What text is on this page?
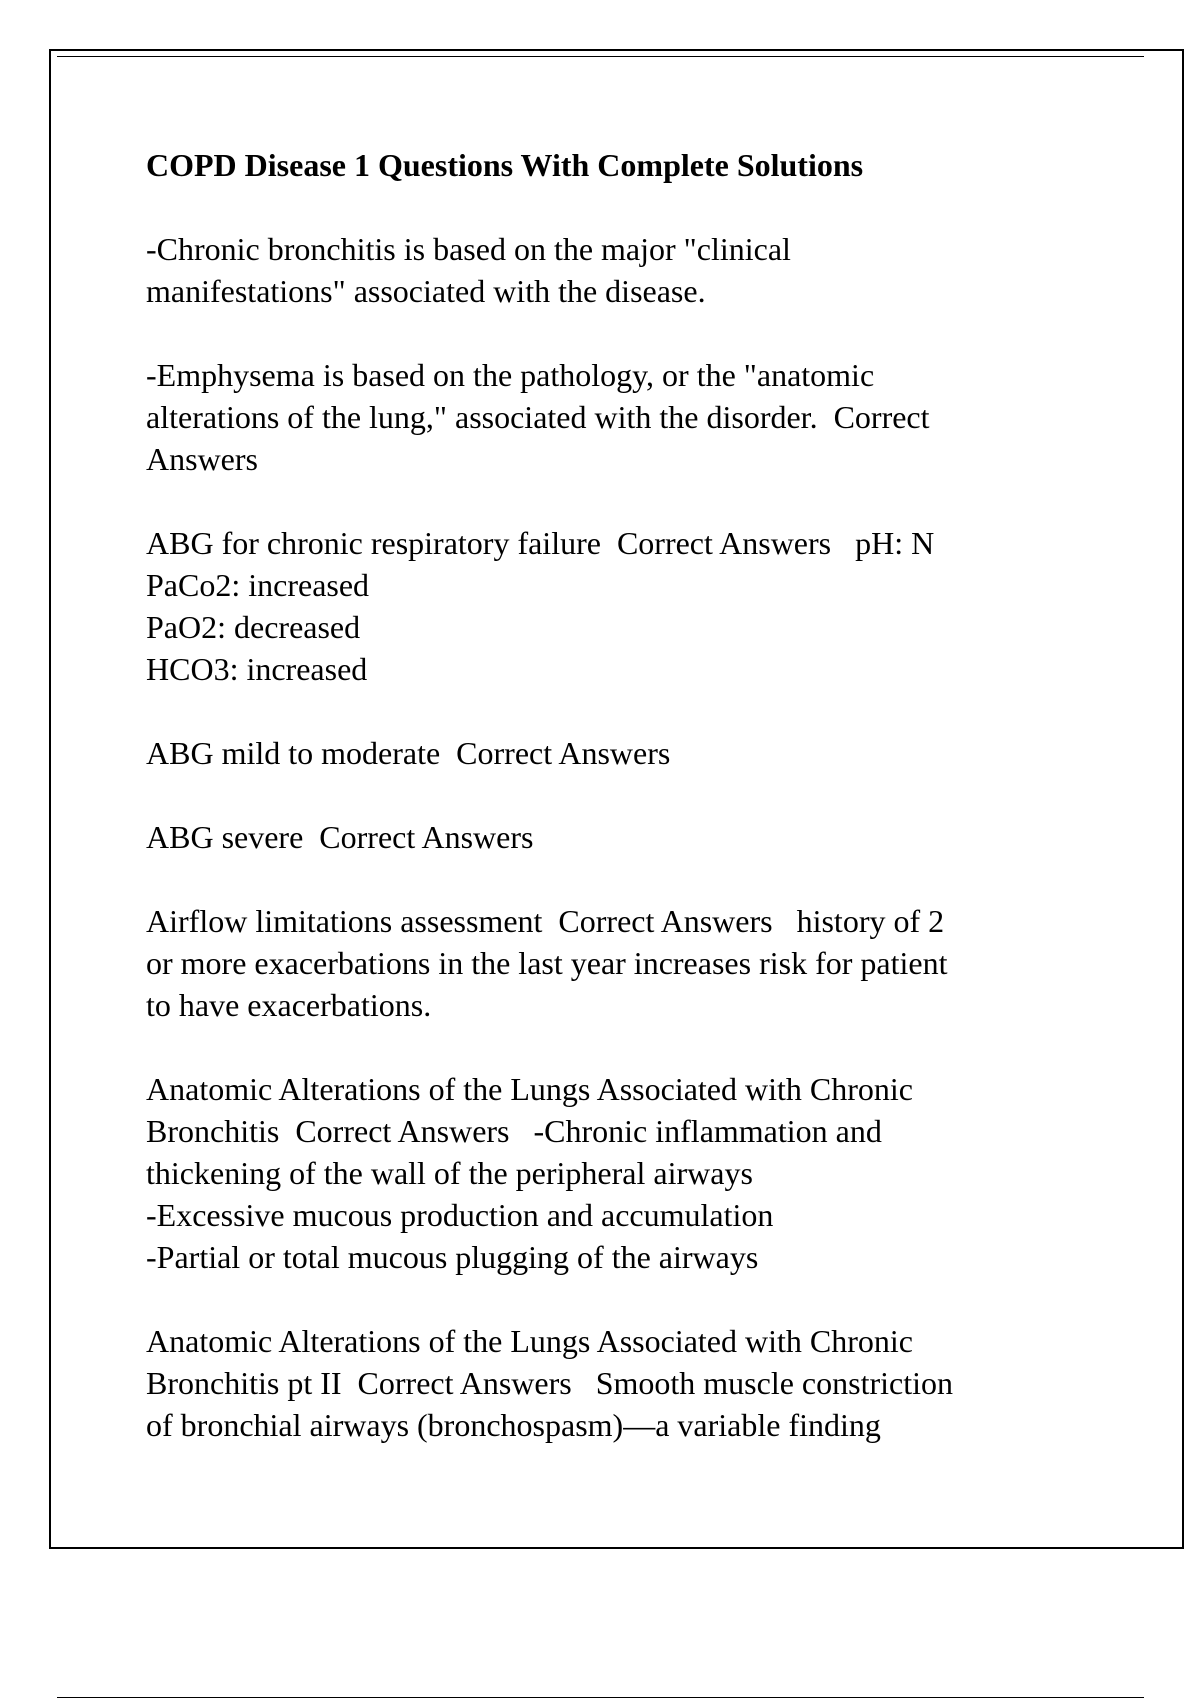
COPD Disease 1 Questions With Complete Solutions
-Chronic bronchitis is based on the major "clinical
manifestations" associated with the disease.
-Emphysema is based on the pathology, or the "anatomic
alterations of the lung," associated with the disorder.  Correct
Answers
ABG for chronic respiratory failure  Correct Answers   pH: N
PaCo2: increased
PaO2: decreased
HCO3: increased
ABG mild to moderate  Correct Answers
ABG severe  Correct Answers
Airflow limitations assessment  Correct Answers   history of 2
or more exacerbations in the last year increases risk for patient
to have exacerbations.
Anatomic Alterations of the Lungs Associated with Chronic
Bronchitis  Correct Answers   -Chronic inflammation and
thickening of the wall of the peripheral airways
-Excessive mucous production and accumulation
-Partial or total mucous plugging of the airways
Anatomic Alterations of the Lungs Associated with Chronic
Bronchitis pt II  Correct Answers   Smooth muscle constriction
of bronchial airways (bronchospasm)—a variable finding
